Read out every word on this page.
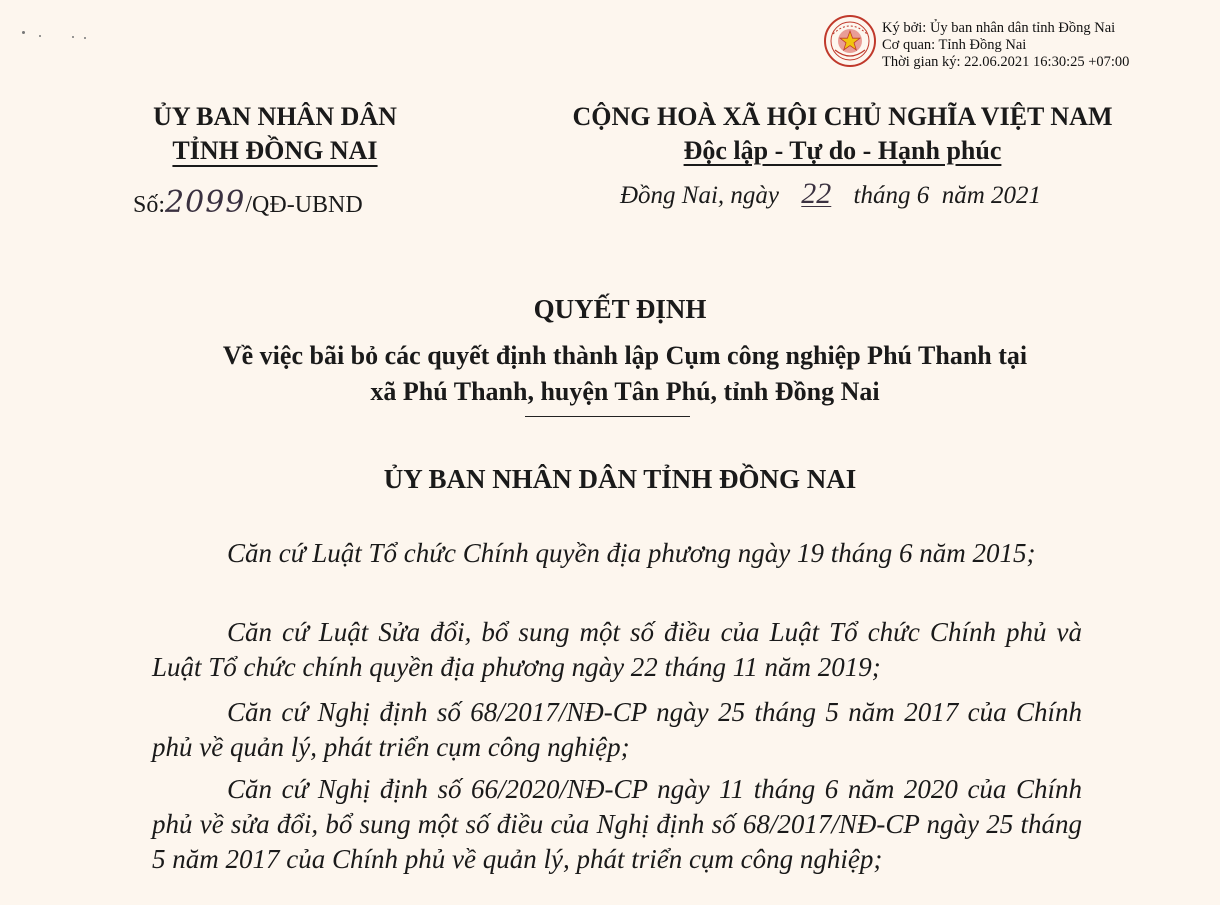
Ký bởi: Ủy ban nhân dân tỉnh Đồng Nai
Cơ quan: Tỉnh Đồng Nai
Thời gian ký: 22.06.2021 16:30:25 +07:00
ỦY BAN NHÂN DÂN
TỈNH ĐỒNG NAI
CỘNG HOÀ XÃ HỘI CHỦ NGHĨA VIỆT NAM
Độc lập - Tự do - Hạnh phúc
Số:2099/QĐ-UBND	Đồng Nai, ngày 22 tháng 6  năm 2021
QUYẾT ĐỊNH
Về việc bãi bỏ các quyết định thành lập Cụm công nghiệp Phú Thanh tại
xã Phú Thanh, huyện Tân Phú, tỉnh Đồng Nai
ỦY BAN NHÂN DÂN TỈNH ĐỒNG NAI
Căn cứ Luật Tổ chức Chính quyền địa phương ngày 19 tháng 6 năm 2015;
Căn cứ Luật Sửa đổi, bổ sung một số điều của Luật Tổ chức Chính phủ và Luật Tổ chức chính quyền địa phương ngày 22 tháng 11 năm 2019;
Căn cứ Nghị định số 68/2017/NĐ-CP ngày 25 tháng 5 năm 2017 của Chính phủ về quản lý, phát triển cụm công nghiệp;
Căn cứ Nghị định số 66/2020/NĐ-CP ngày 11 tháng 6 năm 2020 của Chính phủ về sửa đổi, bổ sung một số điều của Nghị định số 68/2017/NĐ-CP ngày 25 tháng 5 năm 2017 của Chính phủ về quản lý, phát triển cụm công nghiệp;
